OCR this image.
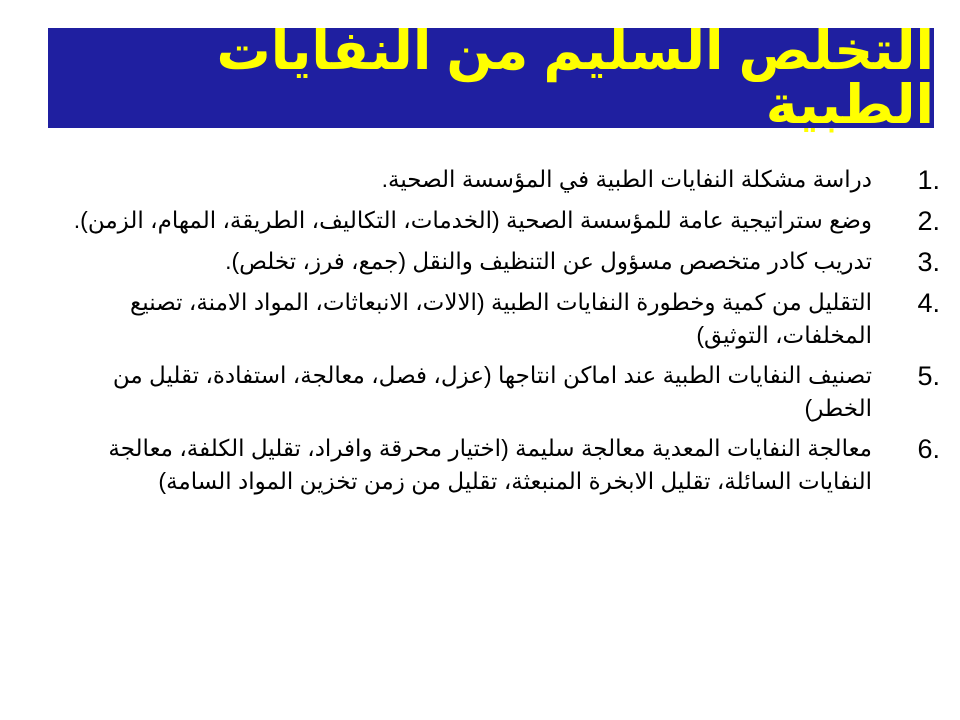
التخلص السليم من النفايات الطبية
1.
دراسة مشكلة النفايات الطبية في المؤسسة الصحية.
2.
وضع ستراتيجية عامة للمؤسسة الصحية (الخدمات، التكاليف، الطريقة، المهام، الزمن).
3.
تدريب كادر متخصص مسؤول عن التنظيف والنقل (جمع، فرز، تخلص).
4.
التقليل من كمية وخطورة النفايات الطبية (الالات، الانبعاثات، المواد الامنة، تصنيع المخلفات، التوثيق)
5.
تصنيف النفايات الطبية عند اماكن انتاجها (عزل، فصل، معالجة، استفادة، تقليل من الخطر)
6.
معالجة النفايات المعدية معالجة سليمة (اختيار محرقة وافراد، تقليل الكلفة، معالجة النفايات السائلة، تقليل الابخرة المنبعثة، تقليل من زمن تخزين المواد السامة)
